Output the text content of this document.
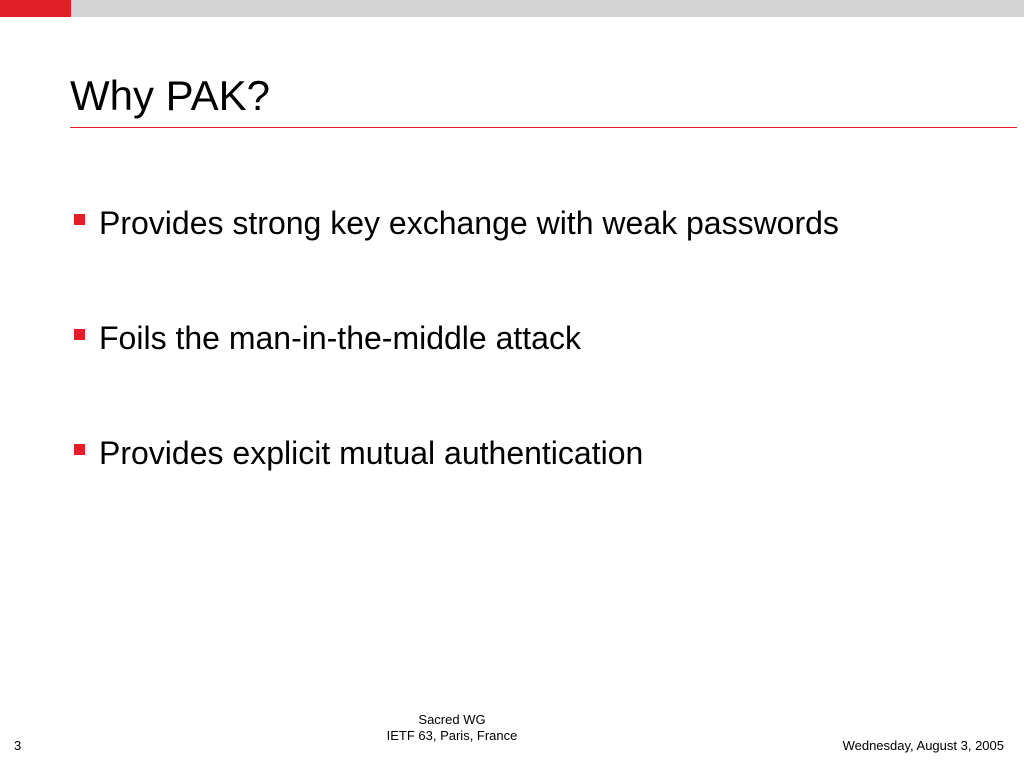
Why PAK?
Provides strong key exchange with weak passwords
Foils the man-in-the-middle attack
Provides explicit mutual authentication
Sacred WG
IETF 63, Paris, France
3	Wednesday, August 3, 2005
